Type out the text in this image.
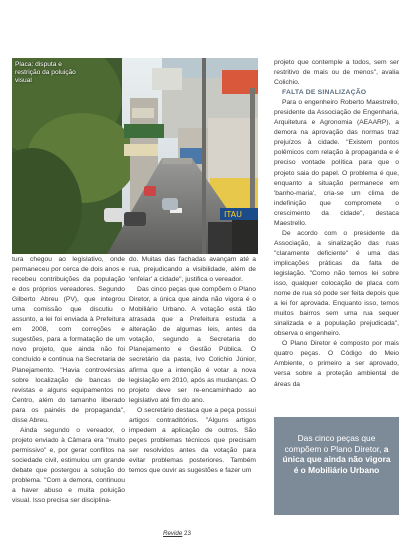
ITAU
Placa: disputa e restrição da poluição visual

tura chegou ao legislativo, onde permaneceu por cerca de dois anos e recebeu contribuições da população e dos próprios vereadores. Segundo Gilberto Abreu (PV), que integrou uma comissão que discutiu o assunto, a lei foi enviada à Prefeitura em 2008, com correções e sugestões, para a formatação de um novo projeto, que ainda não foi concluído e continua na Secretaria de Planejamento. "Havia controvérsias sobre localização de bancas de revistas e alguns equipamentos no Centro, além do tamanho liberado para os painéis de propaganda", disse Abreu.

Ainda segundo o vereador, o projeto enviado à Câmara era "muito permissivo" e, por gerar conflitos na sociedade civil, estimulou um grande debate que postergou a solução do problema. "Com a demora, continuou a haver abuso e muita poluição visual. Isso precisa ser disciplina-

do. Muitas das fachadas avançam até a rua, prejudicando a visibilidade, além de 'enfeiar' a cidade", justifica o vereador.

Das cinco peças que compõem o Plano Diretor, a única que ainda não vigora é o Mobiliário Urbano. A votação está tão atrasada que a Prefeitura estuda a alteração de algumas leis, antes da votação, segundo a Secretaria do Planejamento e Gestão Pública. O secretário da pasta, Ivo Colichio Júnior, afirma que a intenção é votar a nova legislação em 2010, após as mudanças. O projeto deve ser re-encaminhado ao legislativo até fim do ano.

O secretário destaca que a peça possui artigos contraditórios. "Alguns artigos impedem a aplicação de outros. São peçes problemas técnicos que precisam ser resolvidos antes da votação para evitar problemas posteriores. Também temos que ouvir as sugestões e fazer um

projeto que contemple a todos, sem ser restritivo de mais ou de menos", avalia Colichio.

FALTA DE SINALIZAÇÃO

Para o engenheiro Roberto Maestrello, presidente da Associação de Engenharia, Arquitetura e Agronomia (AEAARP), a demora na aprovação das normas traz prejuízos à cidade. "Existem pontos polêmicos com relação à propaganda e é preciso vontade política para que o projeto saia do papel. O problema é que, enquanto a situação permanece em 'banho-maria', cria-se um clima de indefinição que compromete o crescimento da cidade", destaca Maestrello.

De acordo com o presidente da Associação, a sinalização das ruas "claramente deficiente" é uma das implicações práticas da falta de legislação. "Como não temos lei sobre isso, qualquer colocação de placa com nome de rua só pode ser feita depois que a lei for aprovada. Enquanto isso, temos muitos bairros sem uma rua sequer sinalizada e a população prejudicada", observa o engenheiro.

O Plano Diretor é composto por mais quatro peças. O Código do Meio Ambiente, o primeiro a ser aprovado, versa sobre a proteção ambiental de áreas da

Das cinco peças que compõem o Plano Diretor, a única que ainda não vigora é o Mobiliário Urbano
Revide 23
